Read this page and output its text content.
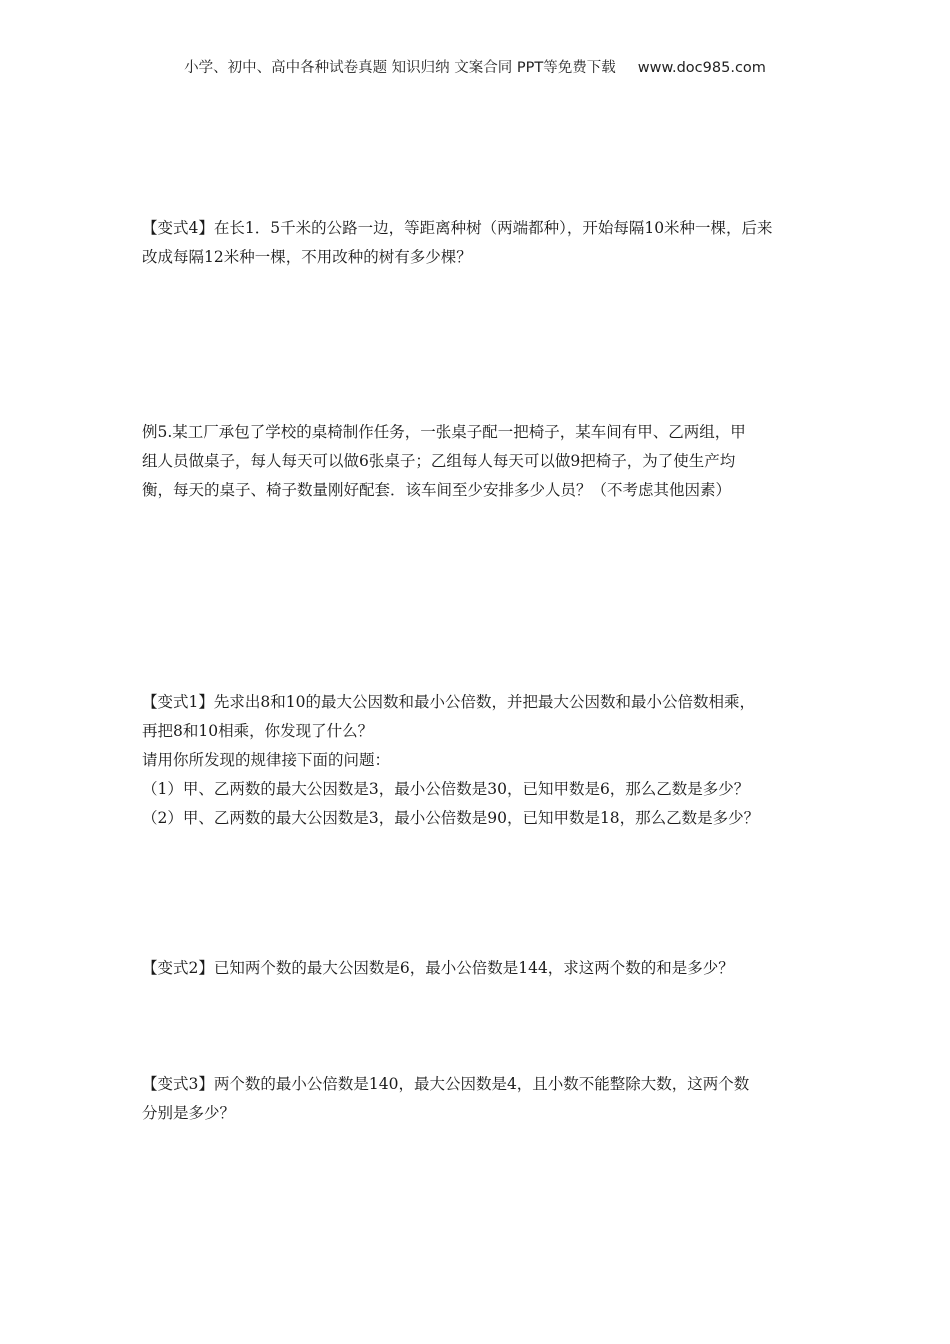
小学、初中、高中各种试卷真题 知识归纳 文案合同 PPT等免费下载 www.doc985.com
【变式4】在长1．5千米的公路一边，等距离种树（两端都种），开始每隔10米种一棵，后来
改成每隔12米种一棵，不用改种的树有多少棵？
例5.某工厂承包了学校的桌椅制作任务，一张桌子配一把椅子，某车间有甲、乙两组，甲
组人员做桌子，每人每天可以做6张桌子；乙组每人每天可以做9把椅子，为了使生产均
衡，每天的桌子、椅子数量刚好配套．该车间至少安排多少人员？（不考虑其他因素）
【变式1】先求出8和10的最大公因数和最小公倍数，并把最大公因数和最小公倍数相乘，
再把8和10相乘，你发现了什么？
请用你所发现的规律接下面的问题：
（1）甲、乙两数的最大公因数是3，最小公倍数是30，已知甲数是6，那么乙数是多少？
（2）甲、乙两数的最大公因数是3，最小公倍数是90，已知甲数是18，那么乙数是多少？
【变式2】已知两个数的最大公因数是6，最小公倍数是144，求这两个数的和是多少？
【变式3】两个数的最小公倍数是140，最大公因数是4，且小数不能整除大数，这两个数
分别是多少？
